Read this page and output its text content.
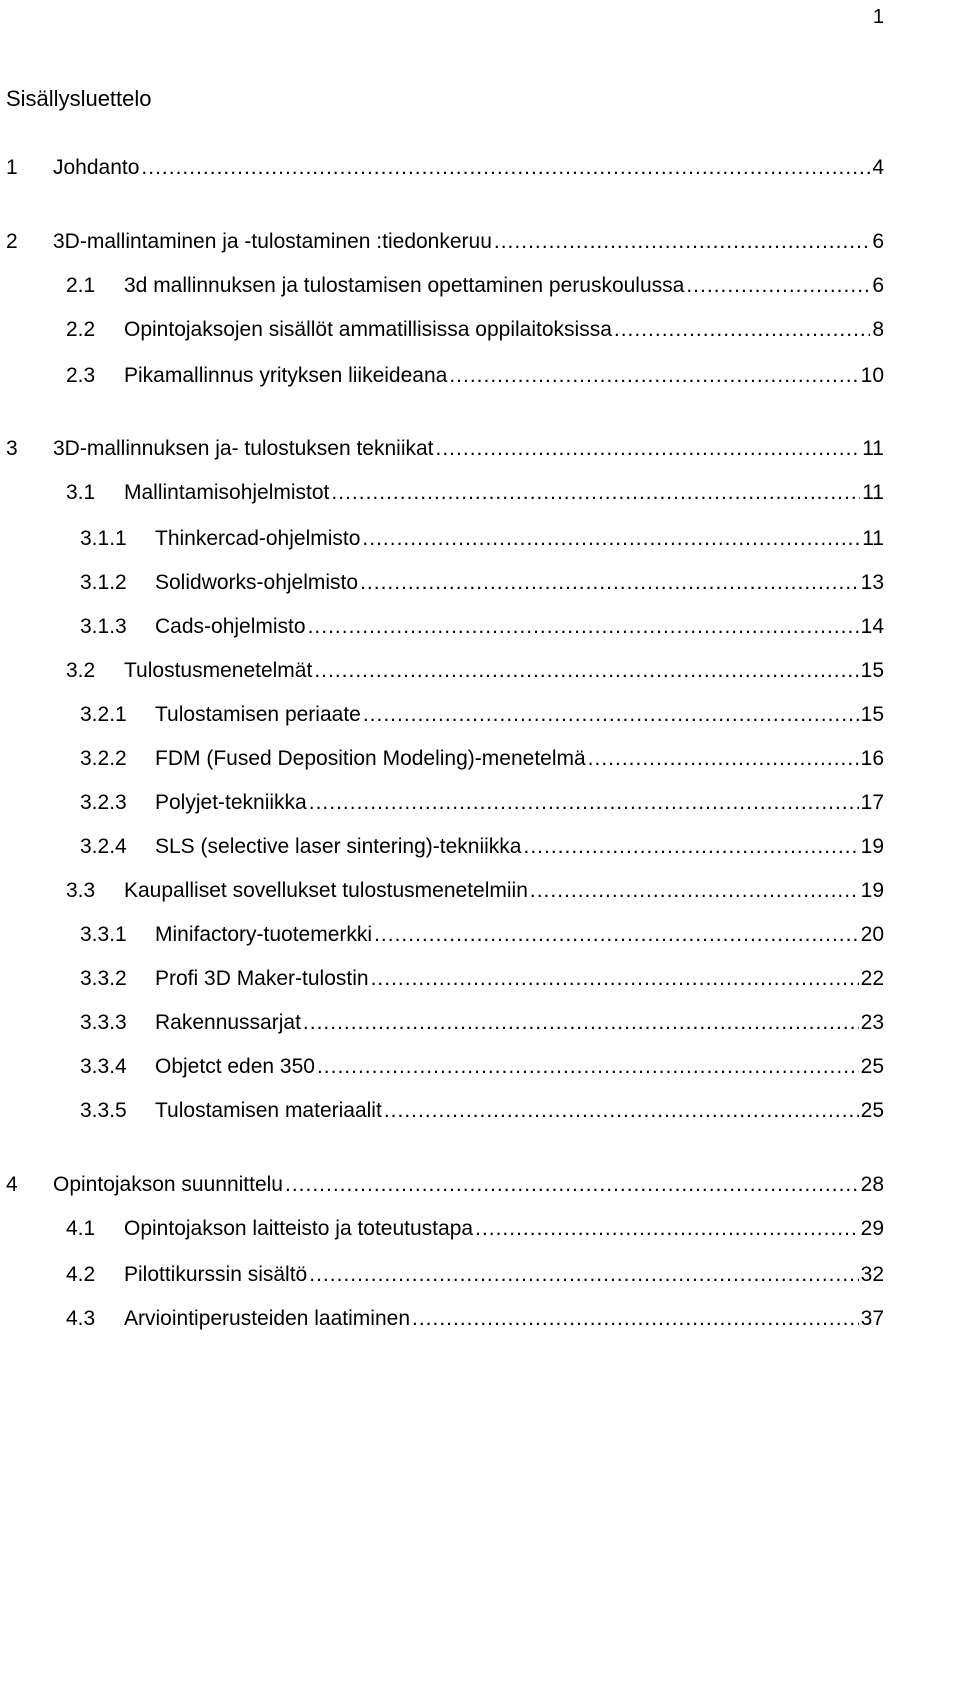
1
Sisällysluettelo
1	Johdanto .....	4
2	3D-mallintaminen ja -tulostaminen :tiedonkeruu .....	6
2.1	3d mallinnuksen ja tulostamisen opettaminen peruskoulussa .....	6
2.2	Opintojaksojen sisällöt ammatillisissa oppilaitoksissa .....	8
2.3	Pikamallinnus yrityksen liikeideana .....	10
3	3D-mallinnuksen ja- tulostuksen tekniikat .....	11
3.1	Mallintamisohjelmistot .....	11
3.1.1	Thinkercad-ohjelmisto .....	11
3.1.2	Solidworks-ohjelmisto .....	13
3.1.3	Cads-ohjelmisto .....	14
3.2	Tulostusmenetelmät .....	15
3.2.1	Tulostamisen periaate .....	15
3.2.2	FDM (Fused Deposition Modeling)-menetelmä .....	16
3.2.3	Polyjet-tekniikka .....	17
3.2.4	SLS (selective laser sintering)-tekniikka .....	19
3.3	Kaupalliset sovellukset tulostusmenetelmiin .....	19
3.3.1	Minifactory-tuotemerkki .....	20
3.3.2	Profi 3D Maker-tulostin .....	22
3.3.3	Rakennussarjat .....	23
3.3.4	Objetct eden 350 .....	25
3.3.5	Tulostamisen materiaalit .....	25
4	Opintojakson suunnittelu .....	28
4.1	Opintojakson laitteisto ja toteutustapa .....	29
4.2	Pilottikurssin sisältö .....	32
4.3	Arviointiperusteiden laatiminen .....	37
